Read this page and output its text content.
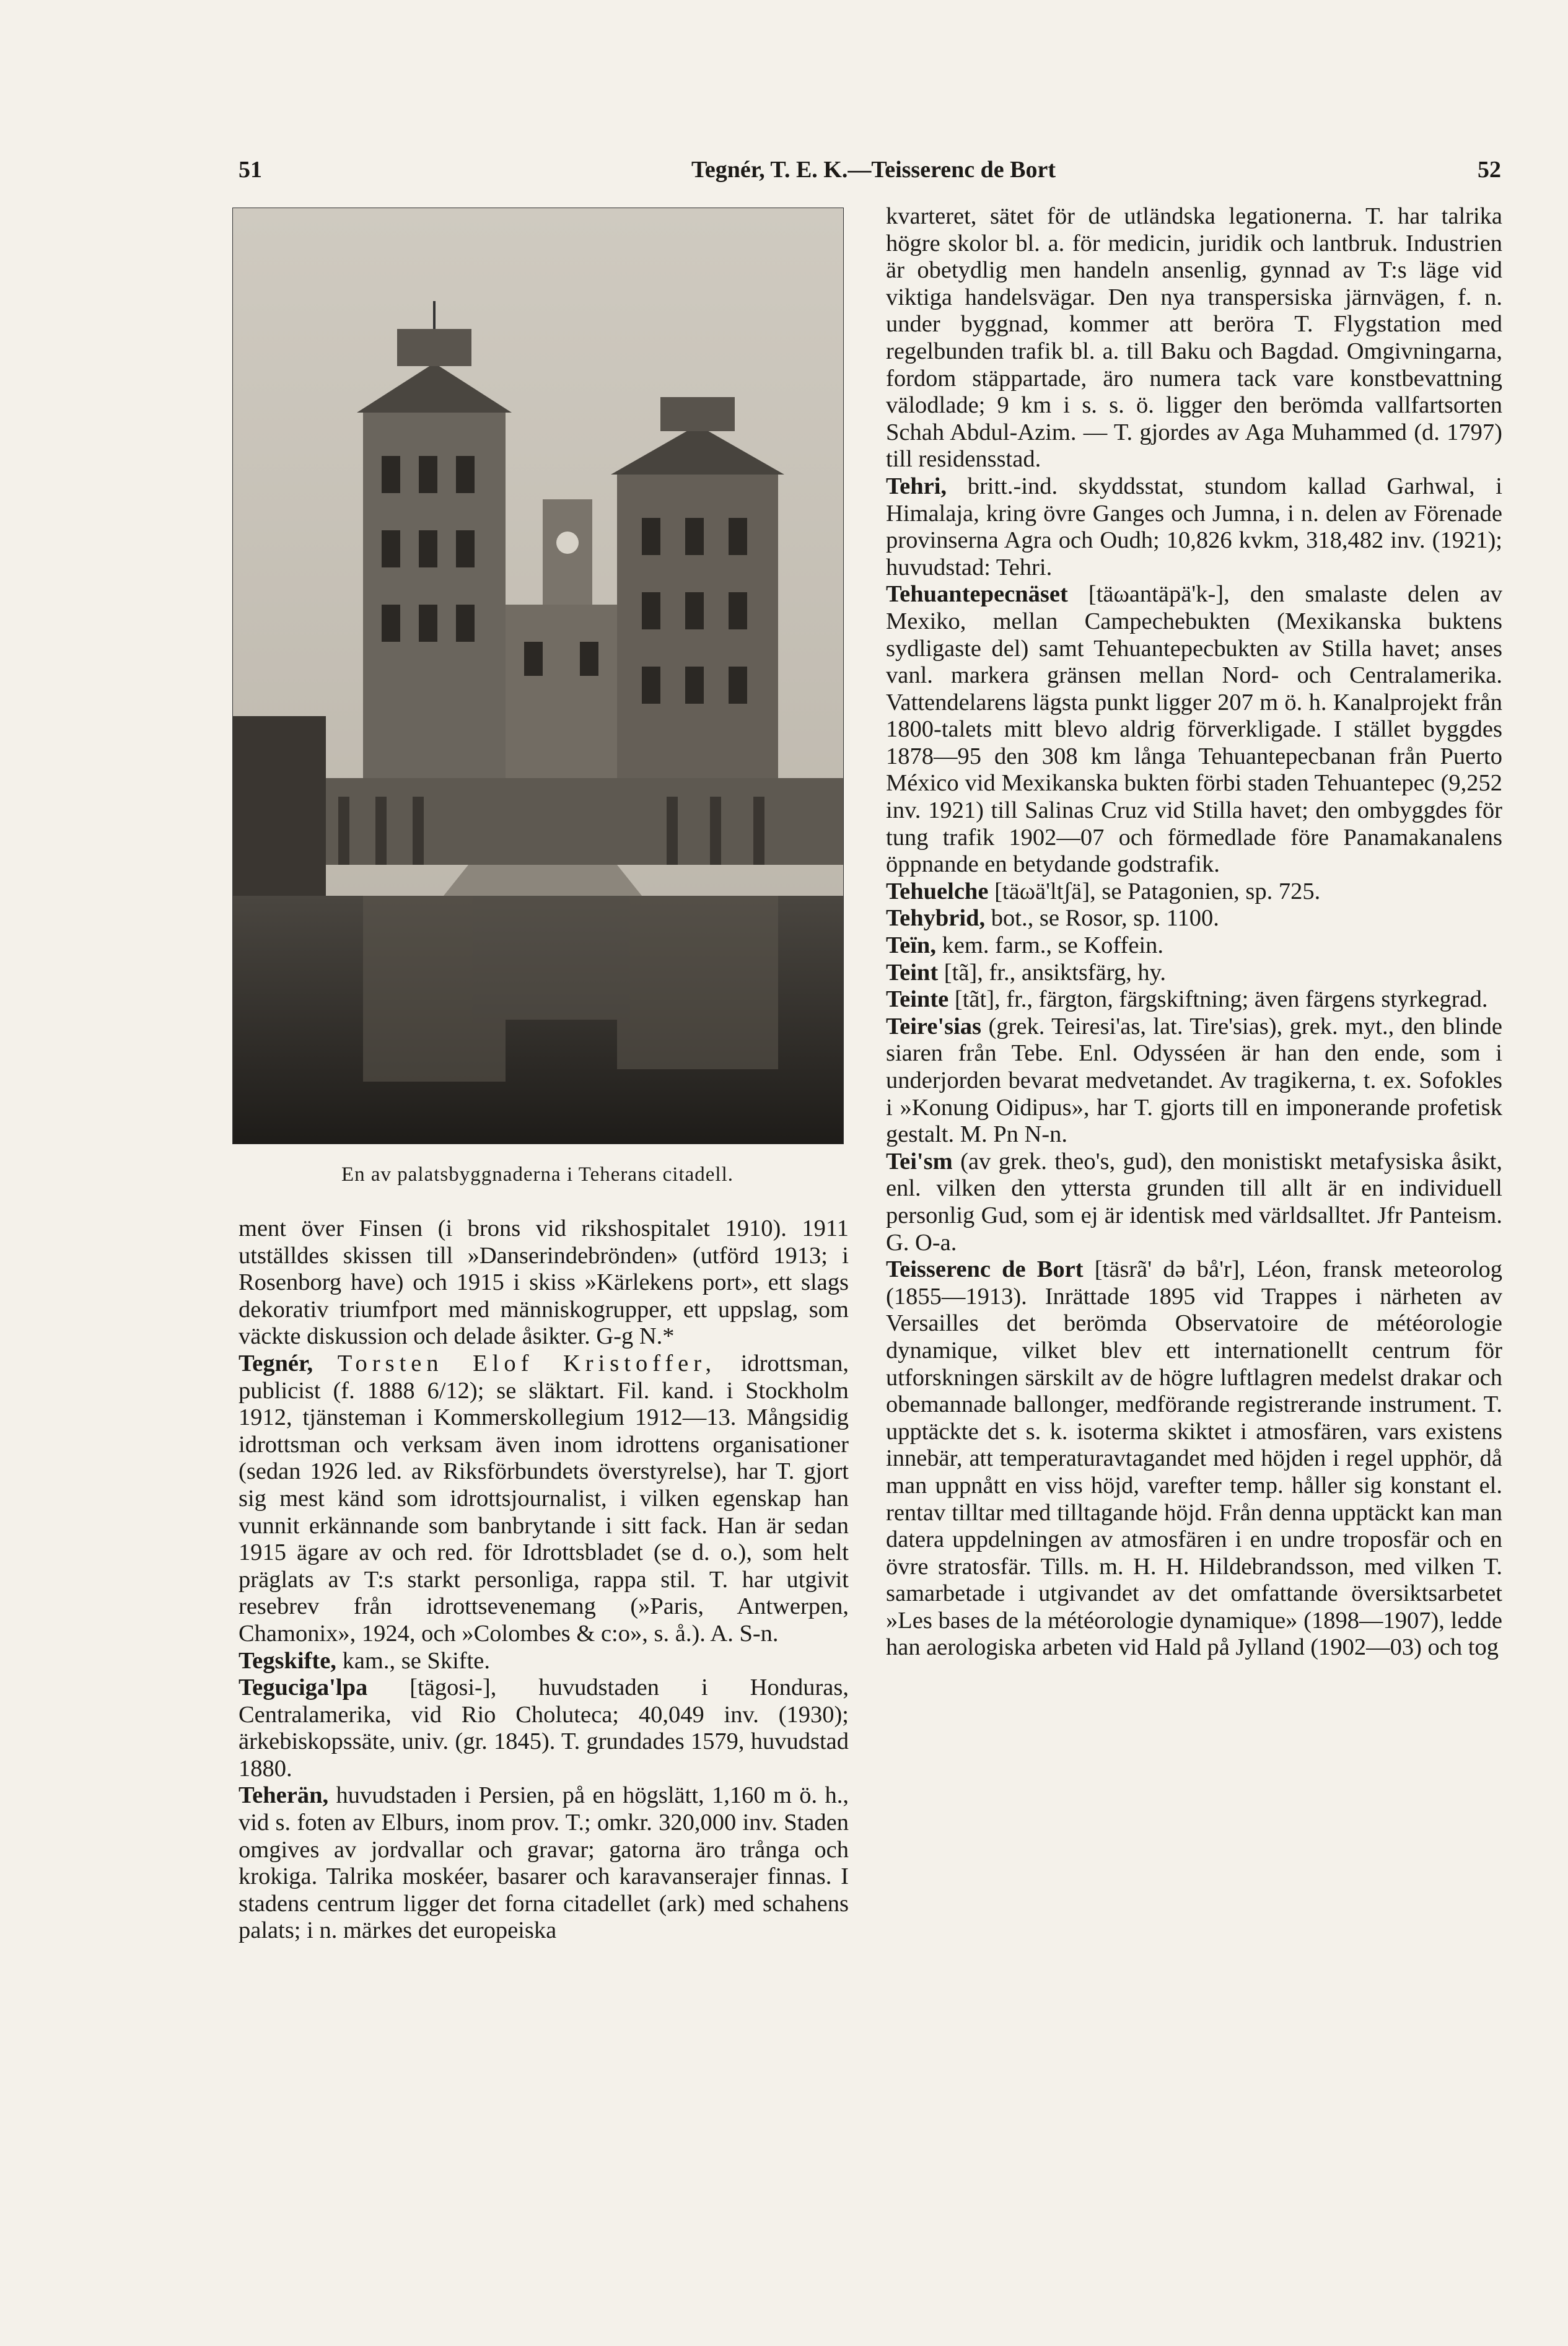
51	Tegnér, T. E. K.—Teisserenc de Bort	52
En av palatsbyggnaderna i Teherans citadell.

ment över Finsen (i brons vid rikshospitalet 1910). 1911 utställdes skissen till »Danserindebrönden» (utförd 1913; i Rosenborg have) och 1915 i skiss »Kärlekens port», ett slags dekorativ triumfport med människogrupper, ett uppslag, som väckte diskussion och delade åsikter. G-g N.*

Tegnér, Torsten Elof Kristoffer, idrottsman, publicist (f. 1888 6/12); se släktart. Fil. kand. i Stockholm 1912, tjänsteman i Kommerskollegium 1912—13. Mångsidig idrottsman och verksam även inom idrottens organisationer (sedan 1926 led. av Riksförbundets överstyrelse), har T. gjort sig mest känd som idrottsjournalist, i vilken egenskap han vunnit erkännande som banbrytande i sitt fack. Han är sedan 1915 ägare av och red. för Idrottsbladet (se d. o.), som helt präglats av T:s starkt personliga, rappa stil. T. har utgivit resebrev från idrottsevenemang (»Paris, Antwerpen, Chamonix», 1924, och »Colombes & c:o», s. å.). A. S-n.

Tegskifte, kam., se Skifte.

Teguciga'lpa [tägosi-], huvudstaden i Honduras, Centralamerika, vid Rio Choluteca; 40,049 inv. (1930); ärkebiskopssäte, univ. (gr. 1845). T. grundades 1579, huvudstad 1880.

Teherän, huvudstaden i Persien, på en högslätt, 1,160 m ö. h., vid s. foten av Elburs, inom prov. T.; omkr. 320,000 inv. Staden omgives av jordvallar och gravar; gatorna äro trånga och krokiga. Talrika moskéer, basarer och karavanserajer finnas. I stadens centrum ligger det forna citadellet (ark) med schahens palats; i n. märkes det europeiska

kvarteret, sätet för de utländska legationerna. T. har talrika högre skolor bl. a. för medicin, juridik och lantbruk. Industrien är obetydlig men handeln ansenlig, gynnad av T:s läge vid viktiga handelsvägar. Den nya transpersiska järnvägen, f. n. under byggnad, kommer att beröra T. Flygstation med regelbunden trafik bl. a. till Baku och Bagdad. Omgivningarna, fordom stäppartade, äro numera tack vare konstbevattning välodlade; 9 km i s. s. ö. ligger den berömda vallfartsorten Schah Abdul-Azim. — T. gjordes av Aga Muhammed (d. 1797) till residensstad.

Tehri, britt.-ind. skyddsstat, stundom kallad Garhwal, i Himalaja, kring övre Ganges och Jumna, i n. delen av Förenade provinserna Agra och Oudh; 10,826 kvkm, 318,482 inv. (1921); huvudstad: Tehri.

Tehuantepecnäset [täωantäpä'k-], den smalaste delen av Mexiko, mellan Campechebukten (Mexikanska buktens sydligaste del) samt Tehuantepecbukten av Stilla havet; anses vanl. markera gränsen mellan Nord- och Centralamerika. Vattendelarens lägsta punkt ligger 207 m ö. h. Kanalprojekt från 1800-talets mitt blevo aldrig förverkligade. I stället byggdes 1878—95 den 308 km långa Tehuantepecbanan från Puerto México vid Mexikanska bukten förbi staden Tehuantepec (9,252 inv. 1921) till Salinas Cruz vid Stilla havet; den ombyggdes för tung trafik 1902—07 och förmedlade före Panamakanalens öppnande en betydande godstrafik.

Tehuelche [täωä'ltʃä], se Patagonien, sp. 725.

Tehybrid, bot., se Rosor, sp. 1100.

Teïn, kem. farm., se Koffein.

Teint [tã], fr., ansiktsfärg, hy.

Teinte [tãt], fr., färgton, färgskiftning; även färgens styrkegrad.

Teire'sias (grek. Teiresi'as, lat. Tire'sias), grek. myt., den blinde siaren från Tebe. Enl. Odysséen är han den ende, som i underjorden bevarat medvetandet. Av tragikerna, t. ex. Sofokles i »Konung Oidipus», har T. gjorts till en imponerande profetisk gestalt. M. Pn N-n.

Tei'sm (av grek. theo's, gud), den monistiskt metafysiska åsikt, enl. vilken den yttersta grunden till allt är en individuell personlig Gud, som ej är identisk med världsalltet. Jfr Panteism. G. O-a.

Teisserenc de Bort [täsrã' də bå'r], Léon, fransk meteorolog (1855—1913). Inrättade 1895 vid Trappes i närheten av Versailles det berömda Observatoire de météorologie dynamique, vilket blev ett internationellt centrum för utforskningen särskilt av de högre luftlagren medelst drakar och obemannade ballonger, medförande registrerande instrument. T. upptäckte det s. k. isoterma skiktet i atmosfären, vars existens innebär, att temperaturavtagandet med höjden i regel upphör, då man uppnått en viss höjd, varefter temp. håller sig konstant el. rentav tilltar med tilltagande höjd. Från denna upptäckt kan man datera uppdelningen av atmosfären i en undre troposfär och en övre stratosfär. Tills. m. H. H. Hildebrandsson, med vilken T. samarbetade i utgivandet av det omfattande översiktsarbetet »Les bases de la météorologie dynamique» (1898—1907), ledde han aerologiska arbeten vid Hald på Jylland (1902—03) och tog
